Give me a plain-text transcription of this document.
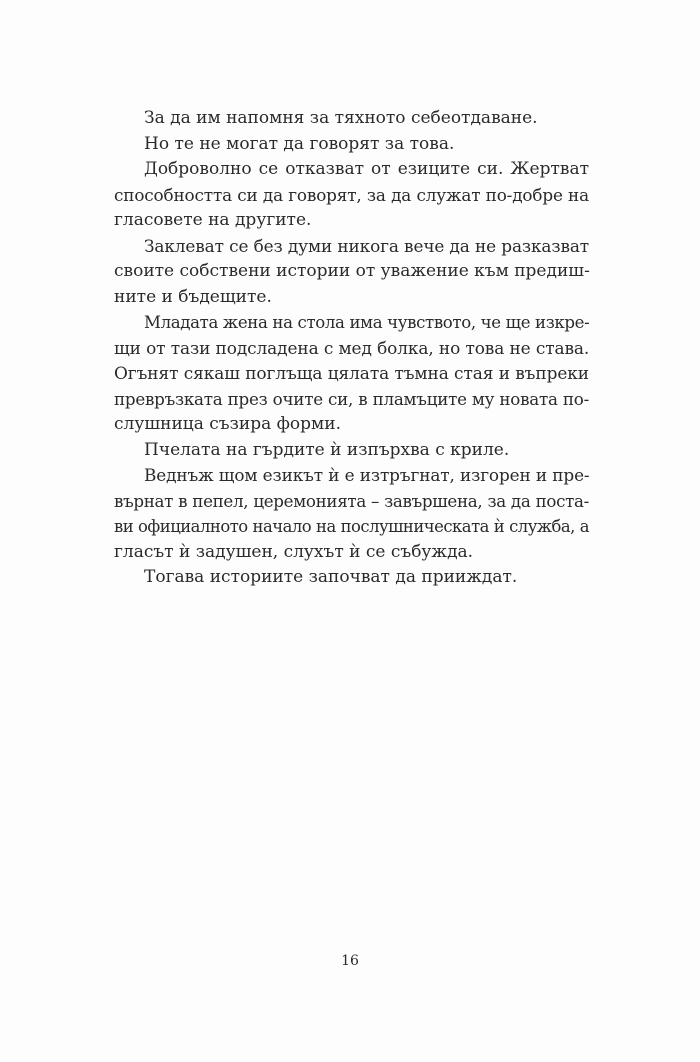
За да им напомня за тяхното себеотдаване.
Но те не могат да говорят за това.
Доброволно се отказват от езиците си. Жертват
способността си да говорят, за да служат по-добре на
гласовете на другите.
Заклеват се без думи никога вече да не разказват
своите собствени истории от уважение към предиш-
ните и бъдещите.
Младата жена на стола има чувството, че ще изкре-
щи от тази подсладена с мед болка, но това не става.
Огънят сякаш поглъща цялата тъмна стая и въпреки
превръзката през очите си, в пламъците му новата по-
слушница съзира форми.
Пчелата на гърдите ѝ изпърхва с криле.
Веднъж щом езикът ѝ е изтръгнат, изгорен и пре-
върнат в пепел, церемонията – завършена, за да постa-
ви официалното начало на послушническата ѝ служба, а
гласът ѝ задушен, слухът ѝ се събужда.
Тогава историите започват да прииждат.
16
